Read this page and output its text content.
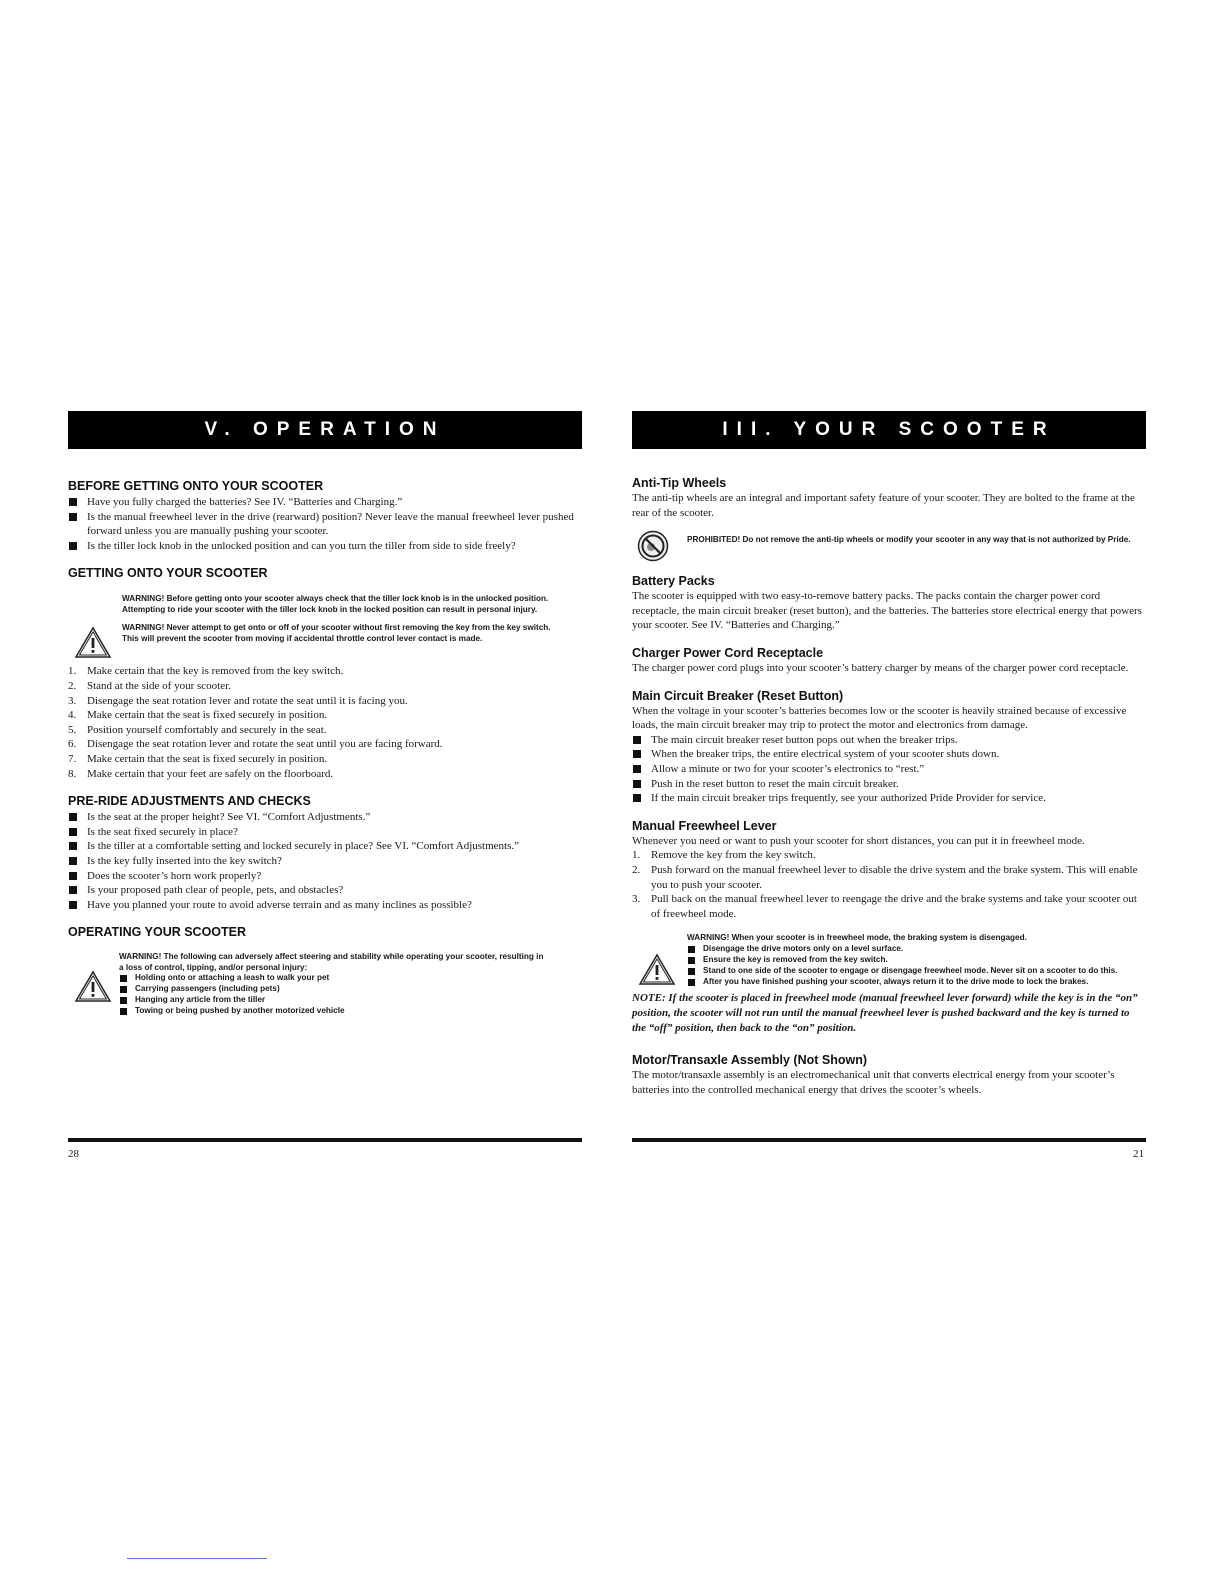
V. OPERATION
BEFORE GETTING ONTO YOUR SCOOTER
Have you fully charged the batteries? See IV. “Batteries and Charging.”
Is the manual freewheel lever in the drive (rearward) position? Never leave the manual freewheel lever pushed forward unless you are manually pushing your scooter.
Is the tiller lock knob in the unlocked position and can you turn the tiller from side to side freely?
GETTING ONTO YOUR SCOOTER

WARNING! Before getting onto your scooter always check that the tiller lock knob is in the unlocked position. Attempting to ride your scooter with the tiller lock knob in the locked position can result in personal injury.

WARNING! Never attempt to get onto or off of your scooter without first removing the key from the key switch. This will prevent the scooter from moving if accidental throttle control lever contact is made.

1. Make certain that the key is removed from the key switch.
2. Stand at the side of your scooter.
3. Disengage the seat rotation lever and rotate the seat until it is facing you.
4. Make certain that the seat is fixed securely in position.
5. Position yourself comfortably and securely in the seat.
6. Disengage the seat rotation lever and rotate the seat until you are facing forward.
7. Make certain that the seat is fixed securely in position.
8. Make certain that your feet are safely on the floorboard.
PRE-RIDE ADJUSTMENTS AND CHECKS
Is the seat at the proper height? See VI. “Comfort Adjustments.”
Is the seat fixed securely in place?
Is the tiller at a comfortable setting and locked securely in place? See VI. “Comfort Adjustments.”
Is the key fully inserted into the key switch?
Does the scooter’s horn work properly?
Is your proposed path clear of people, pets, and obstacles?
Have you planned your route to avoid adverse terrain and as many inclines as possible?
OPERATING YOUR SCOOTER

WARNING! The following can adversely affect steering and stability while operating your scooter, resulting in a loss of control, tipping, and/or personal injury:

Holding onto or attaching a leash to walk your pet
Carrying passengers (including pets)
Hanging any article from the tiller
Towing or being pushed by another motorized vehicle
28
III. YOUR SCOOTER
Anti-Tip Wheels

The anti-tip wheels are an integral and important safety feature of your scooter. They are bolted to the frame at the rear of the scooter.

PROHIBITED! Do not remove the anti-tip wheels or modify your scooter in any way that is not authorized by Pride.

Battery Packs

The scooter is equipped with two easy-to-remove battery packs. The packs contain the charger power cord receptacle, the main circuit breaker (reset button), and the batteries. The batteries store electrical energy that powers your scooter. See IV. “Batteries and Charging.”

Charger Power Cord Receptacle

The charger power cord plugs into your scooter’s battery charger by means of the charger power cord receptacle.

Main Circuit Breaker (Reset Button)

When the voltage in your scooter’s batteries becomes low or the scooter is heavily strained because of excessive loads, the main circuit breaker may trip to protect the motor and electronics from damage.

The main circuit breaker reset button pops out when the breaker trips.
When the breaker trips, the entire electrical system of your scooter shuts down.
Allow a minute or two for your scooter’s electronics to “rest.”
Push in the reset button to reset the main circuit breaker.
If the main circuit breaker trips frequently, see your authorized Pride Provider for service.
Manual Freewheel Lever

Whenever you need or want to push your scooter for short distances, you can put it in freewheel mode.

1. Remove the key from the key switch.
2. Push forward on the manual freewheel lever to disable the drive system and the brake system. This will enable you to push your scooter.
3. Pull back on the manual freewheel lever to reengage the drive and the brake systems and take your scooter out of freewheel mode.

WARNING! When your scooter is in freewheel mode, the braking system is disengaged.

Disengage the drive motors only on a level surface.
Ensure the key is removed from the key switch.
Stand to one side of the scooter to engage or disengage freewheel mode. Never sit on a scooter to do this.
After you have finished pushing your scooter, always return it to the drive mode to lock the brakes.

NOTE: If the scooter is placed in freewheel mode (manual freewheel lever forward) while the key is in the “on” position, the scooter will not run until the manual freewheel lever is pushed backward and the key is turned to the “off” position, then back to the “on” position.

Motor/Transaxle Assembly (Not Shown)

The motor/transaxle assembly is an electromechanical unit that converts electrical energy from your scooter’s batteries into the controlled mechanical energy that drives the scooter’s wheels.

21
